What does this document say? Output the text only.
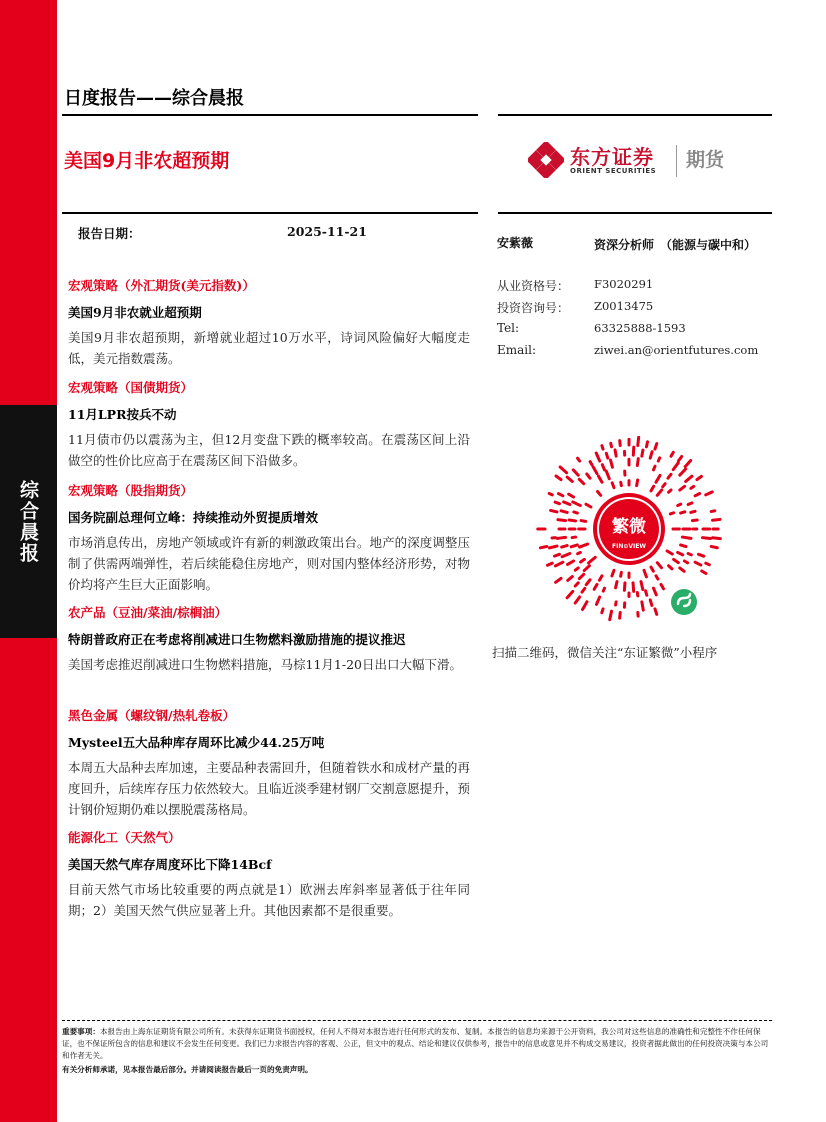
综合晨报
日度报告——综合晨报
美国9月非农超预期	东方证券
ORIENT SECURITIES 期货
报告日期：	2025-11-21
宏观策略（外汇期货(美元指数)）
美国9月非农就业超预期
美国9月非农超预期，新增就业超过10万水平，诗词风险偏好大幅度走低，美元指数震荡。
宏观策略（国债期货）
11月LPR按兵不动
11月债市仍以震荡为主，但12月变盘下跌的概率较高。在震荡区间上沿做空的性价比应高于在震荡区间下沿做多。
宏观策略（股指期货）
国务院副总理何立峰：持续推动外贸提质增效
市场消息传出，房地产领域或许有新的刺激政策出台。地产的深度调整压制了供需两端弹性，若后续能稳住房地产，则对国内整体经济形势，对物价均将产生巨大正面影响。
农产品（豆油/菜油/棕榈油）
特朗普政府正在考虑将削减进口生物燃料激励措施的提议推迟
美国考虑推迟削减进口生物燃料措施，马棕11月1-20日出口大幅下滑。
黑色金属（螺纹钢/热轧卷板）
Mysteel五大品种库存周环比减少44.25万吨
本周五大品种去库加速，主要品种表需回升，但随着铁水和成材产量的再度回升，后续库存压力依然较大。且临近淡季建材钢厂交割意愿提升，预计钢价短期仍难以摆脱震荡格局。
能源化工（天然气）
美国天然气库存周度环比下降14Bcf
目前天然气市场比较重要的两点就是1）欧洲去库斜率显著低于往年同期；2）美国天然气供应显著上升。其他因素都不是很重要。
安紫薇	资深分析师　（能源与碳中和）
从业资格号： F3020291
投资咨询号： Z0013475
Tel:	63325888-1593
Email:	ziwei.an@orientfutures.com
繁微
FIN⊙VIEW
扫描二维码，微信关注“东证繁微”小程序
重要事项：本报告由上海东证期货有限公司所有。未获得东证期货书面授权，任何人不得对本报告进行任何形式的发布、复制。本报告的信息均来源于公开资料，我公司对这些信息的准确性和完整性不作任何保证，也不保证所包含的信息和建议不会发生任何变更。我们已力求报告内容的客观、公正，但文中的观点、结论和建议仅供参考，报告中的信息或意见并不构成交易建议，投资者据此做出的任何投资决策与本公司和作者无关。
有关分析师承诺，见本报告最后部分。并请阅读报告最后一页的免责声明。
